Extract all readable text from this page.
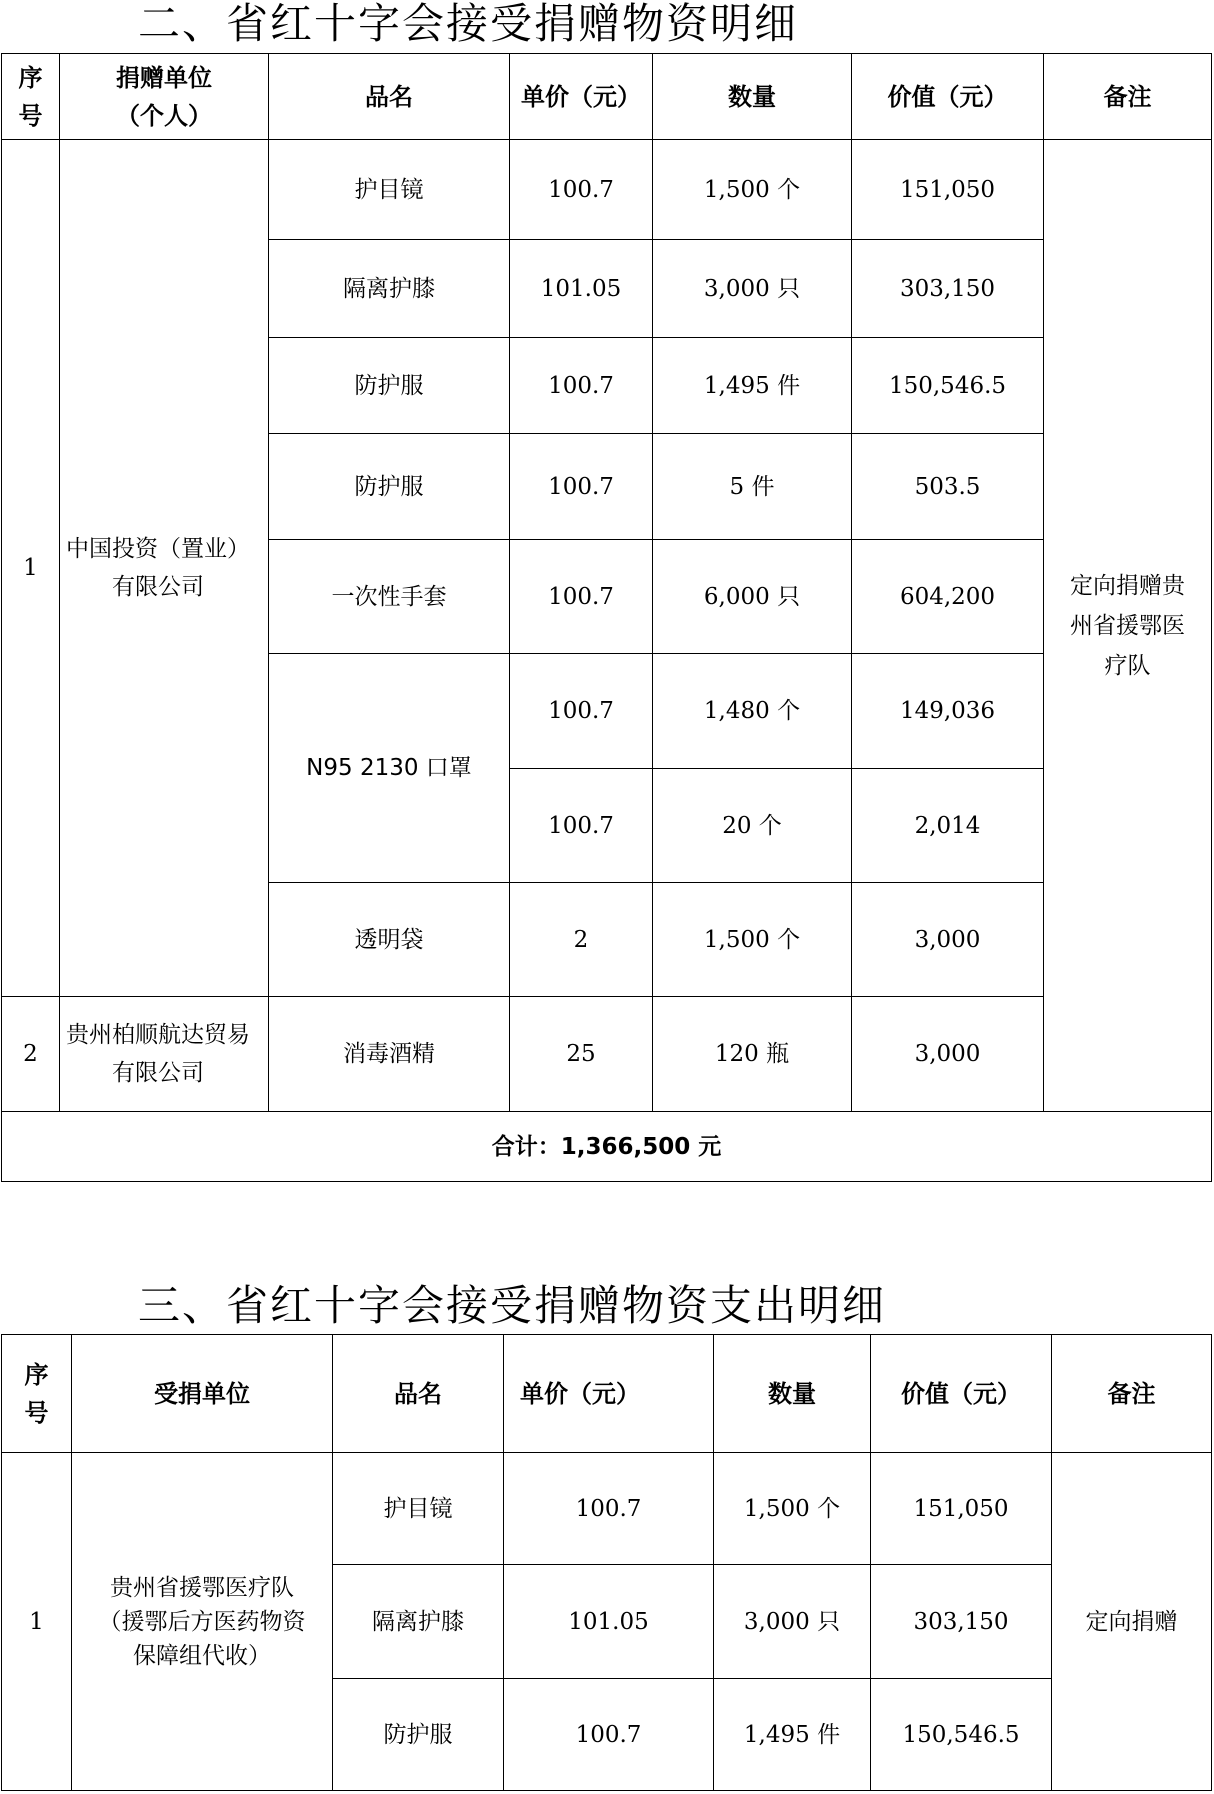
二、省红十字会接受捐赠物资明细
序号	捐赠单位（个人）	品名	单价（元）	数量	价值（元）	备注
1	中国投资（置业）有限公司	护目镜	100.7	1,500 个	151,050	定向捐赠贵州省援鄂医疗队
		隔离护膝	101.05	3,000 只	303,150	
		防护服	100.7	1,495 件	150,546.5	
		防护服	100.7	5 件	503.5	
		一次性手套	100.7	6,000 只	604,200	
		N95 2130 口罩	100.7	1,480 个	149,036	
			100.7	20 个	2,014	
		透明袋	2	1,500 个	3,000	
2	贵州柏顺航达贸易有限公司	消毒酒精	25	120 瓶	3,000	
合计：1,366,500 元						
三、省红十字会接受捐赠物资支出明细
序号	受捐单位	品名	单价（元）	数量	价值（元）	备注
1	贵州省援鄂医疗队（援鄂后方医药物资保障组代收）	护目镜	100.7	1,500 个	151,050	定向捐赠
		隔离护膝	101.05	3,000 只	303,150	
		防护服	100.7	1,495 件	150,546.5	
